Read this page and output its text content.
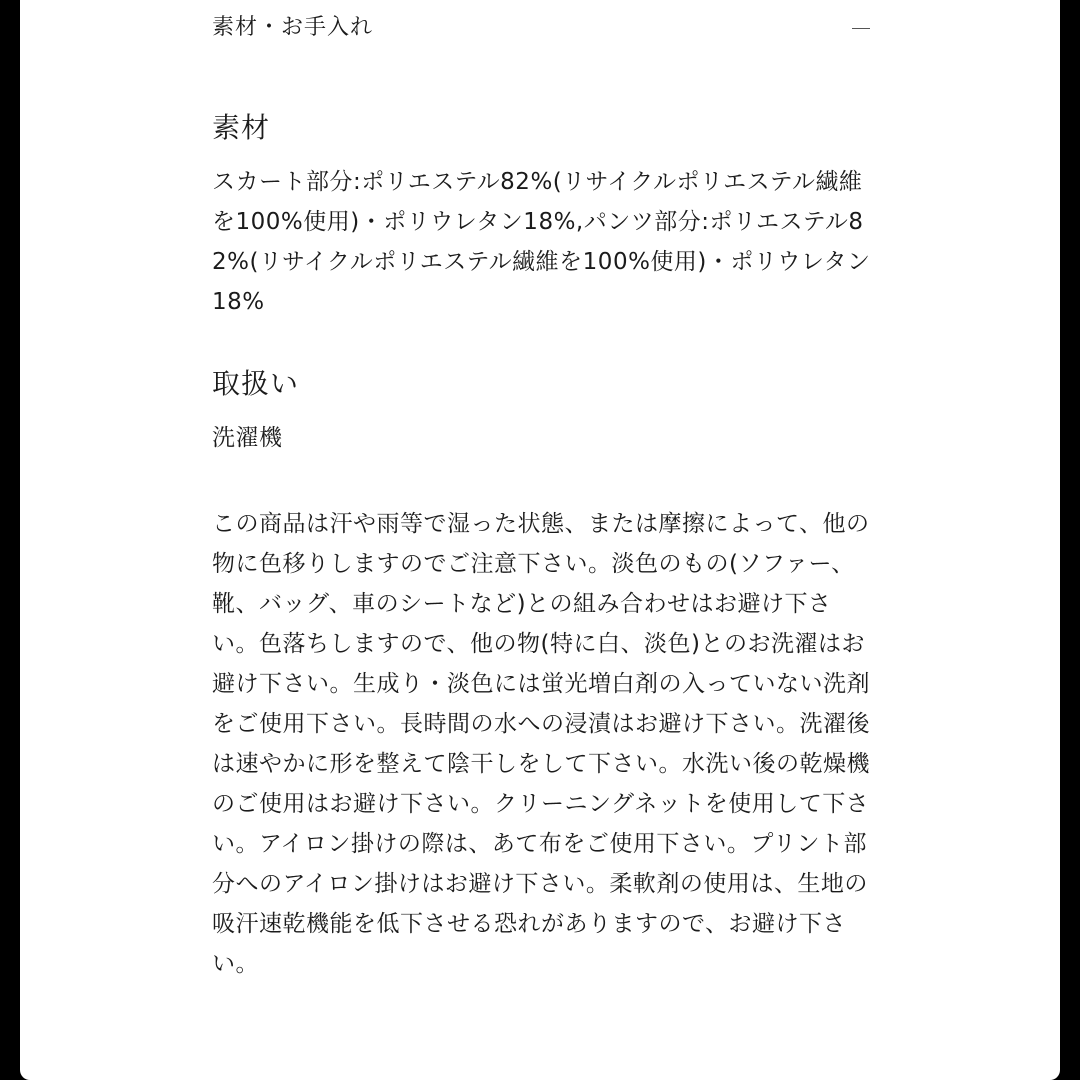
素材・お手入れ
素材

スカート部分:ポリエステル82%(リサイクルポリエステル繊維を100%使用)・ポリウレタン18%,パンツ部分:ポリエステル82%(リサイクルポリエステル繊維を100%使用)・ポリウレタン18%

取扱い

洗濯機

この商品は汗や雨等で湿った状態、または摩擦によって、他の物に色移りしますのでご注意下さい。淡色のもの(ソファー、靴、バッグ、車のシートなど)との組み合わせはお避け下さい。色落ちしますので、他の物(特に白、淡色)とのお洗濯はお避け下さい。生成り・淡色には蛍光増白剤の入っていない洗剤をご使用下さい。長時間の水への浸漬はお避け下さい。洗濯後は速やかに形を整えて陰干しをして下さい。水洗い後の乾燥機のご使用はお避け下さい。クリーニングネットを使用して下さい。アイロン掛けの際は、あて布をご使用下さい。プリント部分へのアイロン掛けはお避け下さい。柔軟剤の使用は、生地の吸汗速乾機能を低下させる恐れがありますので、お避け下さい。
